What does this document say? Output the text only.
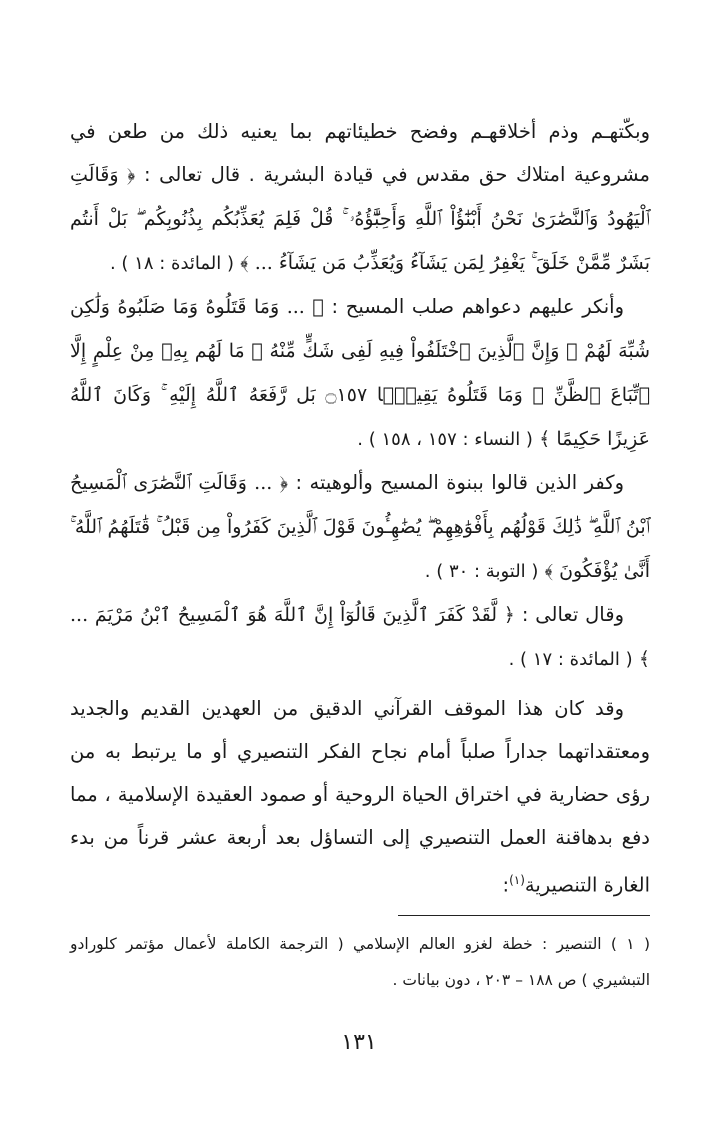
وبكّتهـم وذم أخلاقهـم وفضح خطيئاتهم بما يعنيه ذلك من طعن في مشروعية امتلاك حق مقدس في قيادة البشرية . قال تعالى : ﴿ وَقَالَتِ ٱلْيَهُودُ وَٱلنَّصَٰرَىٰ نَحْنُ أَبْنَٰٓؤُاْ ٱللَّهِ وَأَحِبَّٰٓؤُهُۥ ۚ قُلْ فَلِمَ يُعَذِّبُكُم بِذُنُوبِكُم ۖ بَلْ أَنتُم بَشَرٌ مِّمَّنْ خَلَقَ ۚ يَغْفِرُ لِمَن يَشَآءُ وَيُعَذِّبُ مَن يَشَآءُ ... ﴾ ( المائدة : ١٨ ) .

وأنكر عليهم دعواهم صلب المسيح : ﴿ ... وَمَا قَتَلُوهُ وَمَا صَلَبُوهُ وَلَٰكِن شُبِّهَ لَهُمْ ۚ وَإِنَّ ٱلَّذِينَ ٱخْتَلَفُواْ فِيهِ لَفِى شَكٍّ مِّنْهُ ۚ مَا لَهُم بِهِۦ مِنْ عِلْمٍ إِلَّا ٱتِّبَاعَ ٱلظَّنِّ ۚ وَمَا قَتَلُوهُ يَقِينًۢا ۝١٥٧ بَل رَّفَعَهُ ٱللَّهُ إِلَيْهِ ۚ وَكَانَ ٱللَّهُ عَزِيزًا حَكِيمًا ﴾ ( النساء : ١٥٧ ، ١٥٨ ) .

وكفر الذين قالوا ببنوة المسيح وألوهيته : ﴿ ... وَقَالَتِ ٱلنَّصَٰرَى ٱلْمَسِيحُ ٱبْنُ ٱللَّهِ ۖ ذَٰلِكَ قَوْلُهُم بِأَفْوَٰهِهِمْ ۖ يُضَٰهِـُٔونَ قَوْلَ ٱلَّذِينَ كَفَرُواْ مِن قَبْلُ ۚ قَٰتَلَهُمُ ٱللَّهُ ۚ أَنَّىٰ يُؤْفَكُونَ ﴾ ( التوبة : ٣٠ ) .

وقال تعالى : ﴿ لَّقَدْ كَفَرَ ٱلَّذِينَ قَالُوٓاْ إِنَّ ٱللَّهَ هُوَ ٱلْمَسِيحُ ٱبْنُ مَرْيَمَ ... ﴾ ( المائدة : ١٧ ) .

وقد كان هذا الموقف القرآني الدقيق من العهدين القديم والجديد ومعتقداتهما جداراً صلباً أمام نجاح الفكر التنصيري أو ما يرتبط به من رؤى حضارية في اختراق الحياة الروحية أو صمود العقيدة الإسلامية ، مما دفع بدهاقنة العمل التنصيري إلى التساؤل بعد أربعة عشر قرناً من بدء الغارة التنصيرية$^{(١)}$:

( ١ ) التنصير : خطة لغزو العالم الإسلامي ( الترجمة الكاملة لأعمال مؤتمر كلورادو التبشيري ) ص ١٨٨ – ٢٠٣ ، دون بيانات .

١٣١
